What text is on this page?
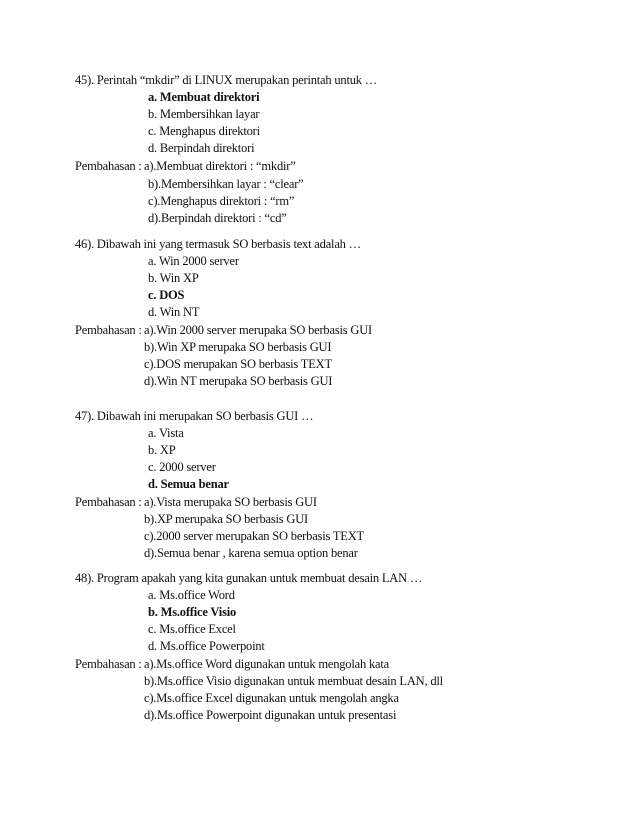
45). Perintah “mkdir” di LINUX merupakan perintah untuk …
a. Membuat direktori
b. Membersihkan layar
c. Menghapus direktori
d. Berpindah direktori
Pembahasan : a).Membuat direktori : “mkdir”
b).Membersihkan layar : “clear”
c).Menghapus direktori : “rm”
d).Berpindah direktori : “cd”
46). Dibawah ini yang termasuk SO berbasis text adalah …
a. Win 2000 server
b. Win XP
c. DOS
d. Win NT
Pembahasan : a).Win 2000 server merupaka SO berbasis GUI
b).Win XP merupaka SO berbasis GUI
c).DOS merupakan SO berbasis TEXT
d).Win NT merupaka SO berbasis GUI
47). Dibawah ini merupakan SO berbasis GUI …
a. Vista
b. XP
c. 2000 server
d. Semua benar
Pembahasan : a).Vista merupaka SO berbasis GUI
b).XP merupaka SO berbasis GUI
c).2000 server merupakan SO berbasis TEXT
d).Semua benar , karena semua option benar
48). Program apakah yang kita gunakan untuk membuat desain LAN …
a. Ms.office Word
b. Ms.office Visio
c. Ms.office Excel
d. Ms.office Powerpoint
Pembahasan : a).Ms.office Word digunakan untuk mengolah kata
b).Ms.office Visio digunakan untuk membuat desain LAN, dll
c).Ms.office Excel digunakan untuk mengolah angka
d).Ms.office Powerpoint digunakan untuk presentasi
